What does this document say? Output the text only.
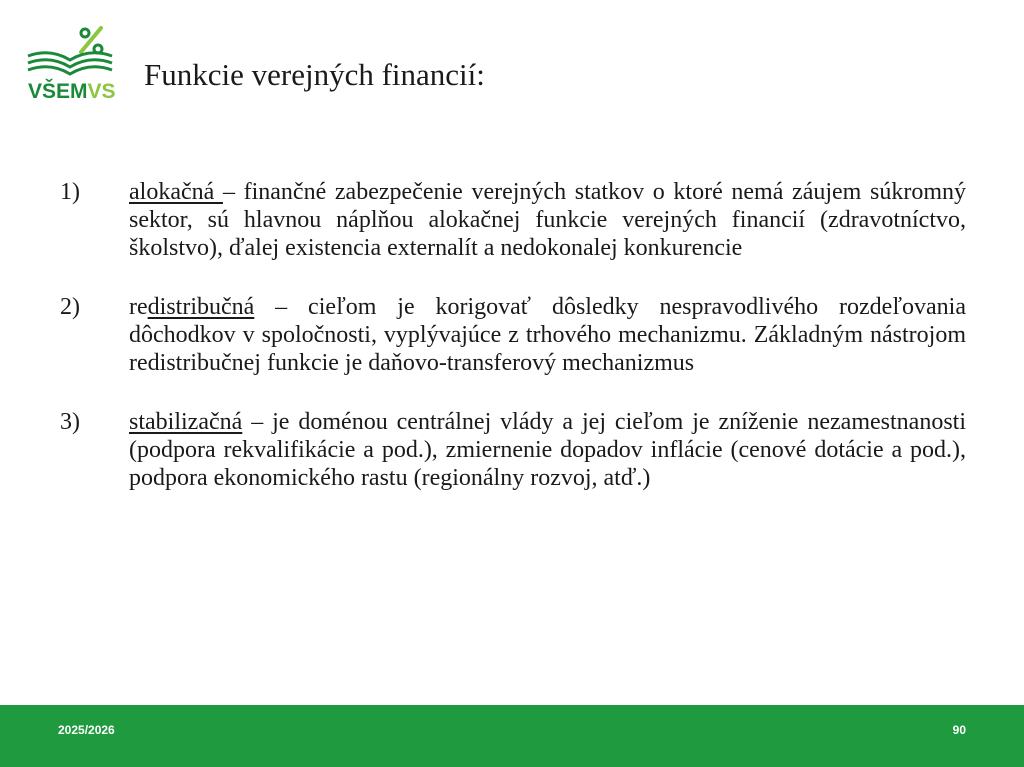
VŠEMVS Funkcie verejných financií:
1) alokačná – finančné zabezpečenie verejných statkov o ktoré nemá záujem súkromný sektor, sú hlavnou náplňou alokačnej funkcie verejných financií (zdravotníctvo, školstvo), ďalej existencia externalít a nedokonalej konkurencie
2) redistribučná – cieľom je korigovať dôsledky nespravodlivého rozdeľovania dôchodkov v spoločnosti, vyplývajúce z trhového mechanizmu. Základným nástrojom redistribučnej funkcie je daňovo-transferový mechanizmus
3) stabilizačná – je doménou centrálnej vlády a jej cieľom je zníženie nezamestnanosti (podpora rekvalifikácie a pod.), zmiernenie dopadov inflácie (cenové dotácie a pod.), podpora ekonomického rastu (regionálny rozvoj, atď.)
2025/2026	90
